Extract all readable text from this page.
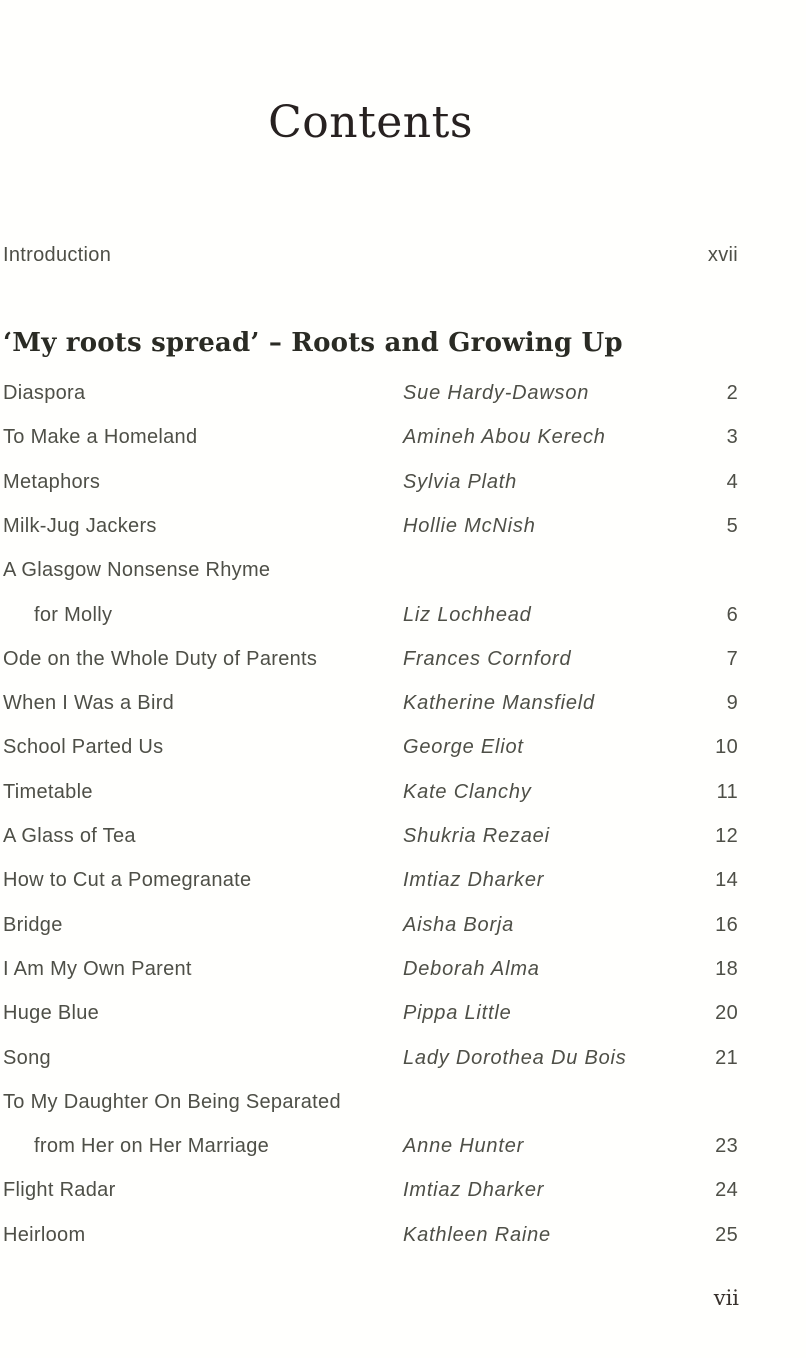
Contents
Introduction	xvii
‘My roots spread’ – Roots and Growing Up
Diaspora	Sue Hardy-Dawson	2
To Make a Homeland	Amineh Abou Kerech	3
Metaphors	Sylvia Plath	4
Milk-Jug Jackers	Hollie McNish	5
A Glasgow Nonsense Rhyme
for Molly	Liz Lochhead	6
Ode on the Whole Duty of Parents	Frances Cornford	7
When I Was a Bird	Katherine Mansfield	9
School Parted Us	George Eliot	10
Timetable	Kate Clanchy	11
A Glass of Tea	Shukria Rezaei	12
How to Cut a Pomegranate	Imtiaz Dharker	14
Bridge	Aisha Borja	16
I Am My Own Parent	Deborah Alma	18
Huge Blue	Pippa Little	20
Song	Lady Dorothea Du Bois	21
To My Daughter On Being Separated
from Her on Her Marriage	Anne Hunter	23
Flight Radar	Imtiaz Dharker	24
Heirloom	Kathleen Raine	25
vii
